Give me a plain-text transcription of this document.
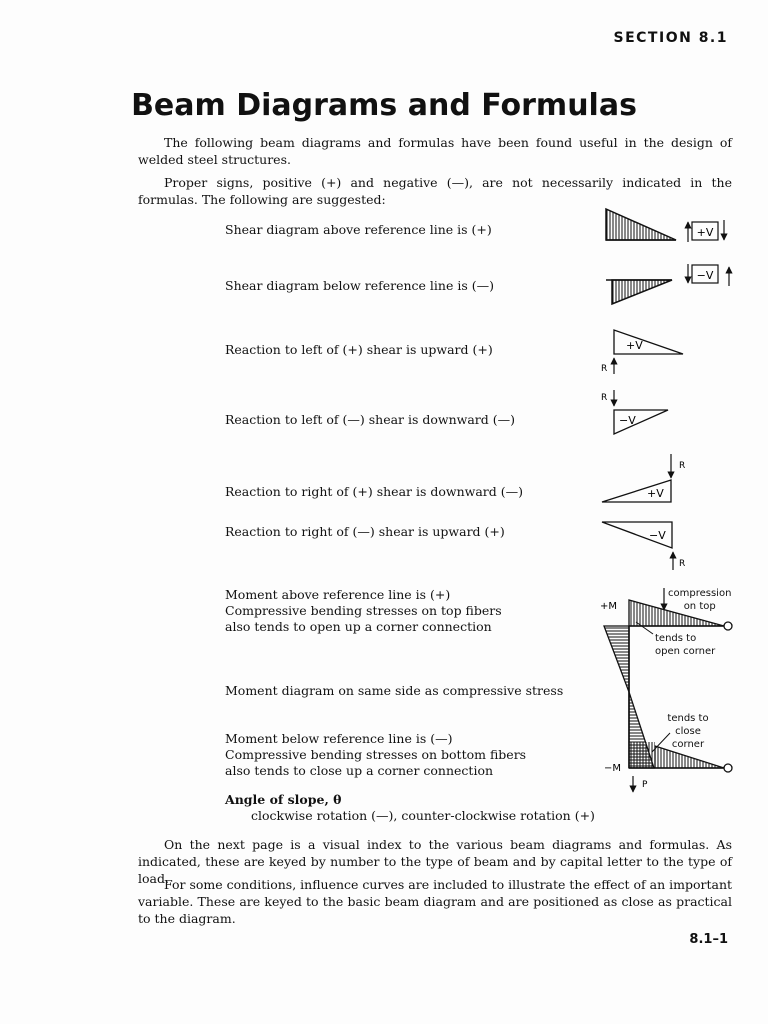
SECTION 8.1
Beam Diagrams and Formulas
The following beam diagrams and formulas have been found useful in the design of welded steel structures.
Proper signs, positive (+) and negative (—), are not necessarily indicated in the formulas. The following are suggested:
Shear diagram above reference line is (+)
Shear diagram below reference line is (—)
Reaction to left of (+) shear is upward (+)
Reaction to left of (—) shear is downward (—)
Reaction to right of (+) shear is downward (—)
Reaction to right of (—) shear is upward (+)
Moment above reference line is (+)
Compressive bending stresses on top fibers
also tends to open up a corner connection
Moment diagram on same side as compressive stress
Moment below reference line is (—)
Compressive bending stresses on bottom fibers
also tends to close up a corner connection
Angle of slope, θ
clockwise rotation (—), counter-clockwise rotation (+)
+V
−V
+V
R
R
−V
R
+V
−V
R
+M
−M
P
compression
on top
tends to
open corner
tends to
close
corner
On the next page is a visual index to the various beam diagrams and formulas. As indicated, these are keyed by number to the type of beam and by capital letter to the type of load.
For some conditions, influence curves are included to illustrate the effect of an important variable. These are keyed to the basic beam diagram and are positioned as close as practical to the diagram.
8.1–1
